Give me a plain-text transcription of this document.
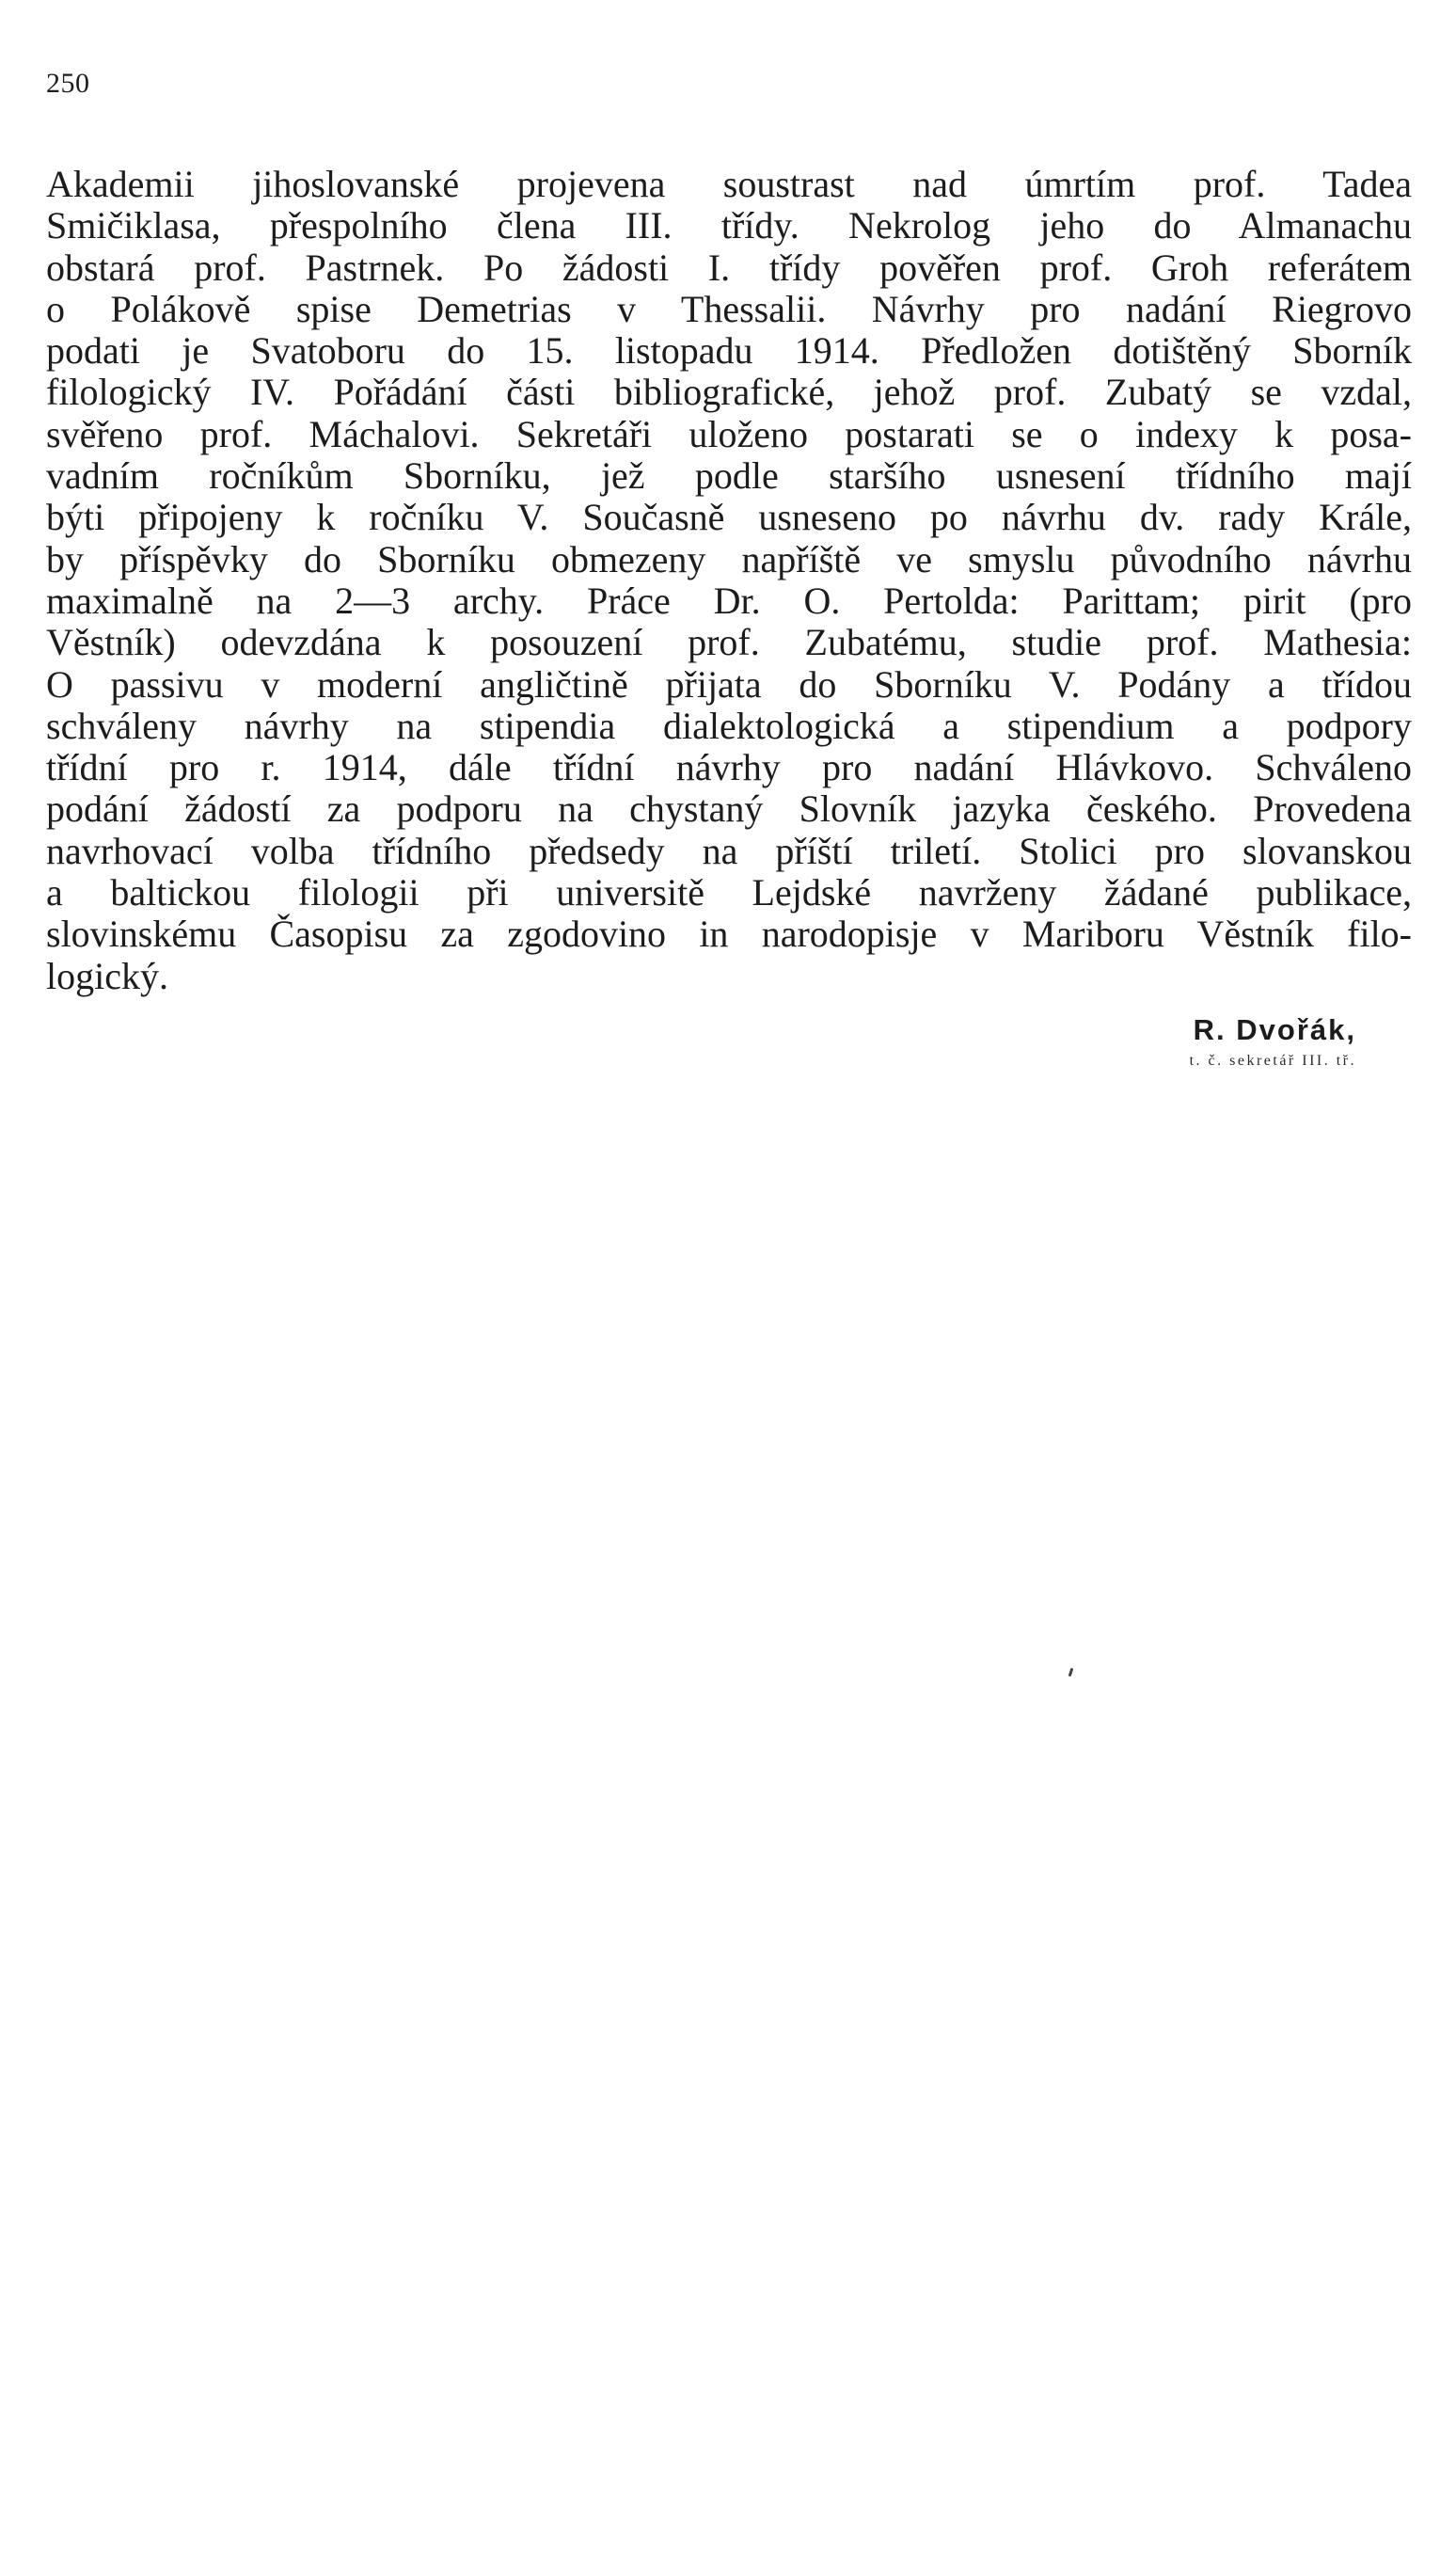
250
Akademii jihoslovanské projevena soustrast nad úmrtím prof. Tadea
Smičiklasa, přespolního člena III. třídy. Nekrolog jeho do Almanachu
obstará prof. Pastrnek. Po žádosti I. třídy pověřen prof. Groh referátem
o Polákově spise Demetrias v Thessalii. Návrhy pro nadání Riegrovo
podati je Svatoboru do 15. listopadu 1914. Předložen dotištěný Sborník
filologický IV. Pořádání části bibliografické, jehož prof. Zubatý se vzdal,
svěřeno prof. Máchalovi. Sekretáři uloženo postarati se o indexy k posa-
vadním ročníkům Sborníku, jež podle staršího usnesení třídního mají
býti připojeny k ročníku V. Současně usneseno po návrhu dv. rady Krále,
by příspěvky do Sborníku obmezeny napříště ve smyslu původního návrhu
maximalně na 2—3 archy. Práce Dr. O. Pertolda: Parittam; pirit (pro
Věstník) odevzdána k posouzení prof. Zubatému, studie prof. Mathesia:
O passivu v moderní angličtině přijata do Sborníku V. Podány a třídou
schváleny návrhy na stipendia dialektologická a stipendium a podpory
třídní pro r. 1914, dále třídní návrhy pro nadání Hlávkovo. Schváleno
podání žádostí za podporu na chystaný Slovník jazyka českého. Provedena
navrhovací volba třídního předsedy na příští triletí. Stolici pro slovanskou
a baltickou filologii při universitě Lejdské navrženy žádané publikace,
slovinskému Časopisu za zgodovino in narodopisje v Mariboru Věstník filo-
logický.
R. Dvořák,
t. č. sekretář III. tř.
